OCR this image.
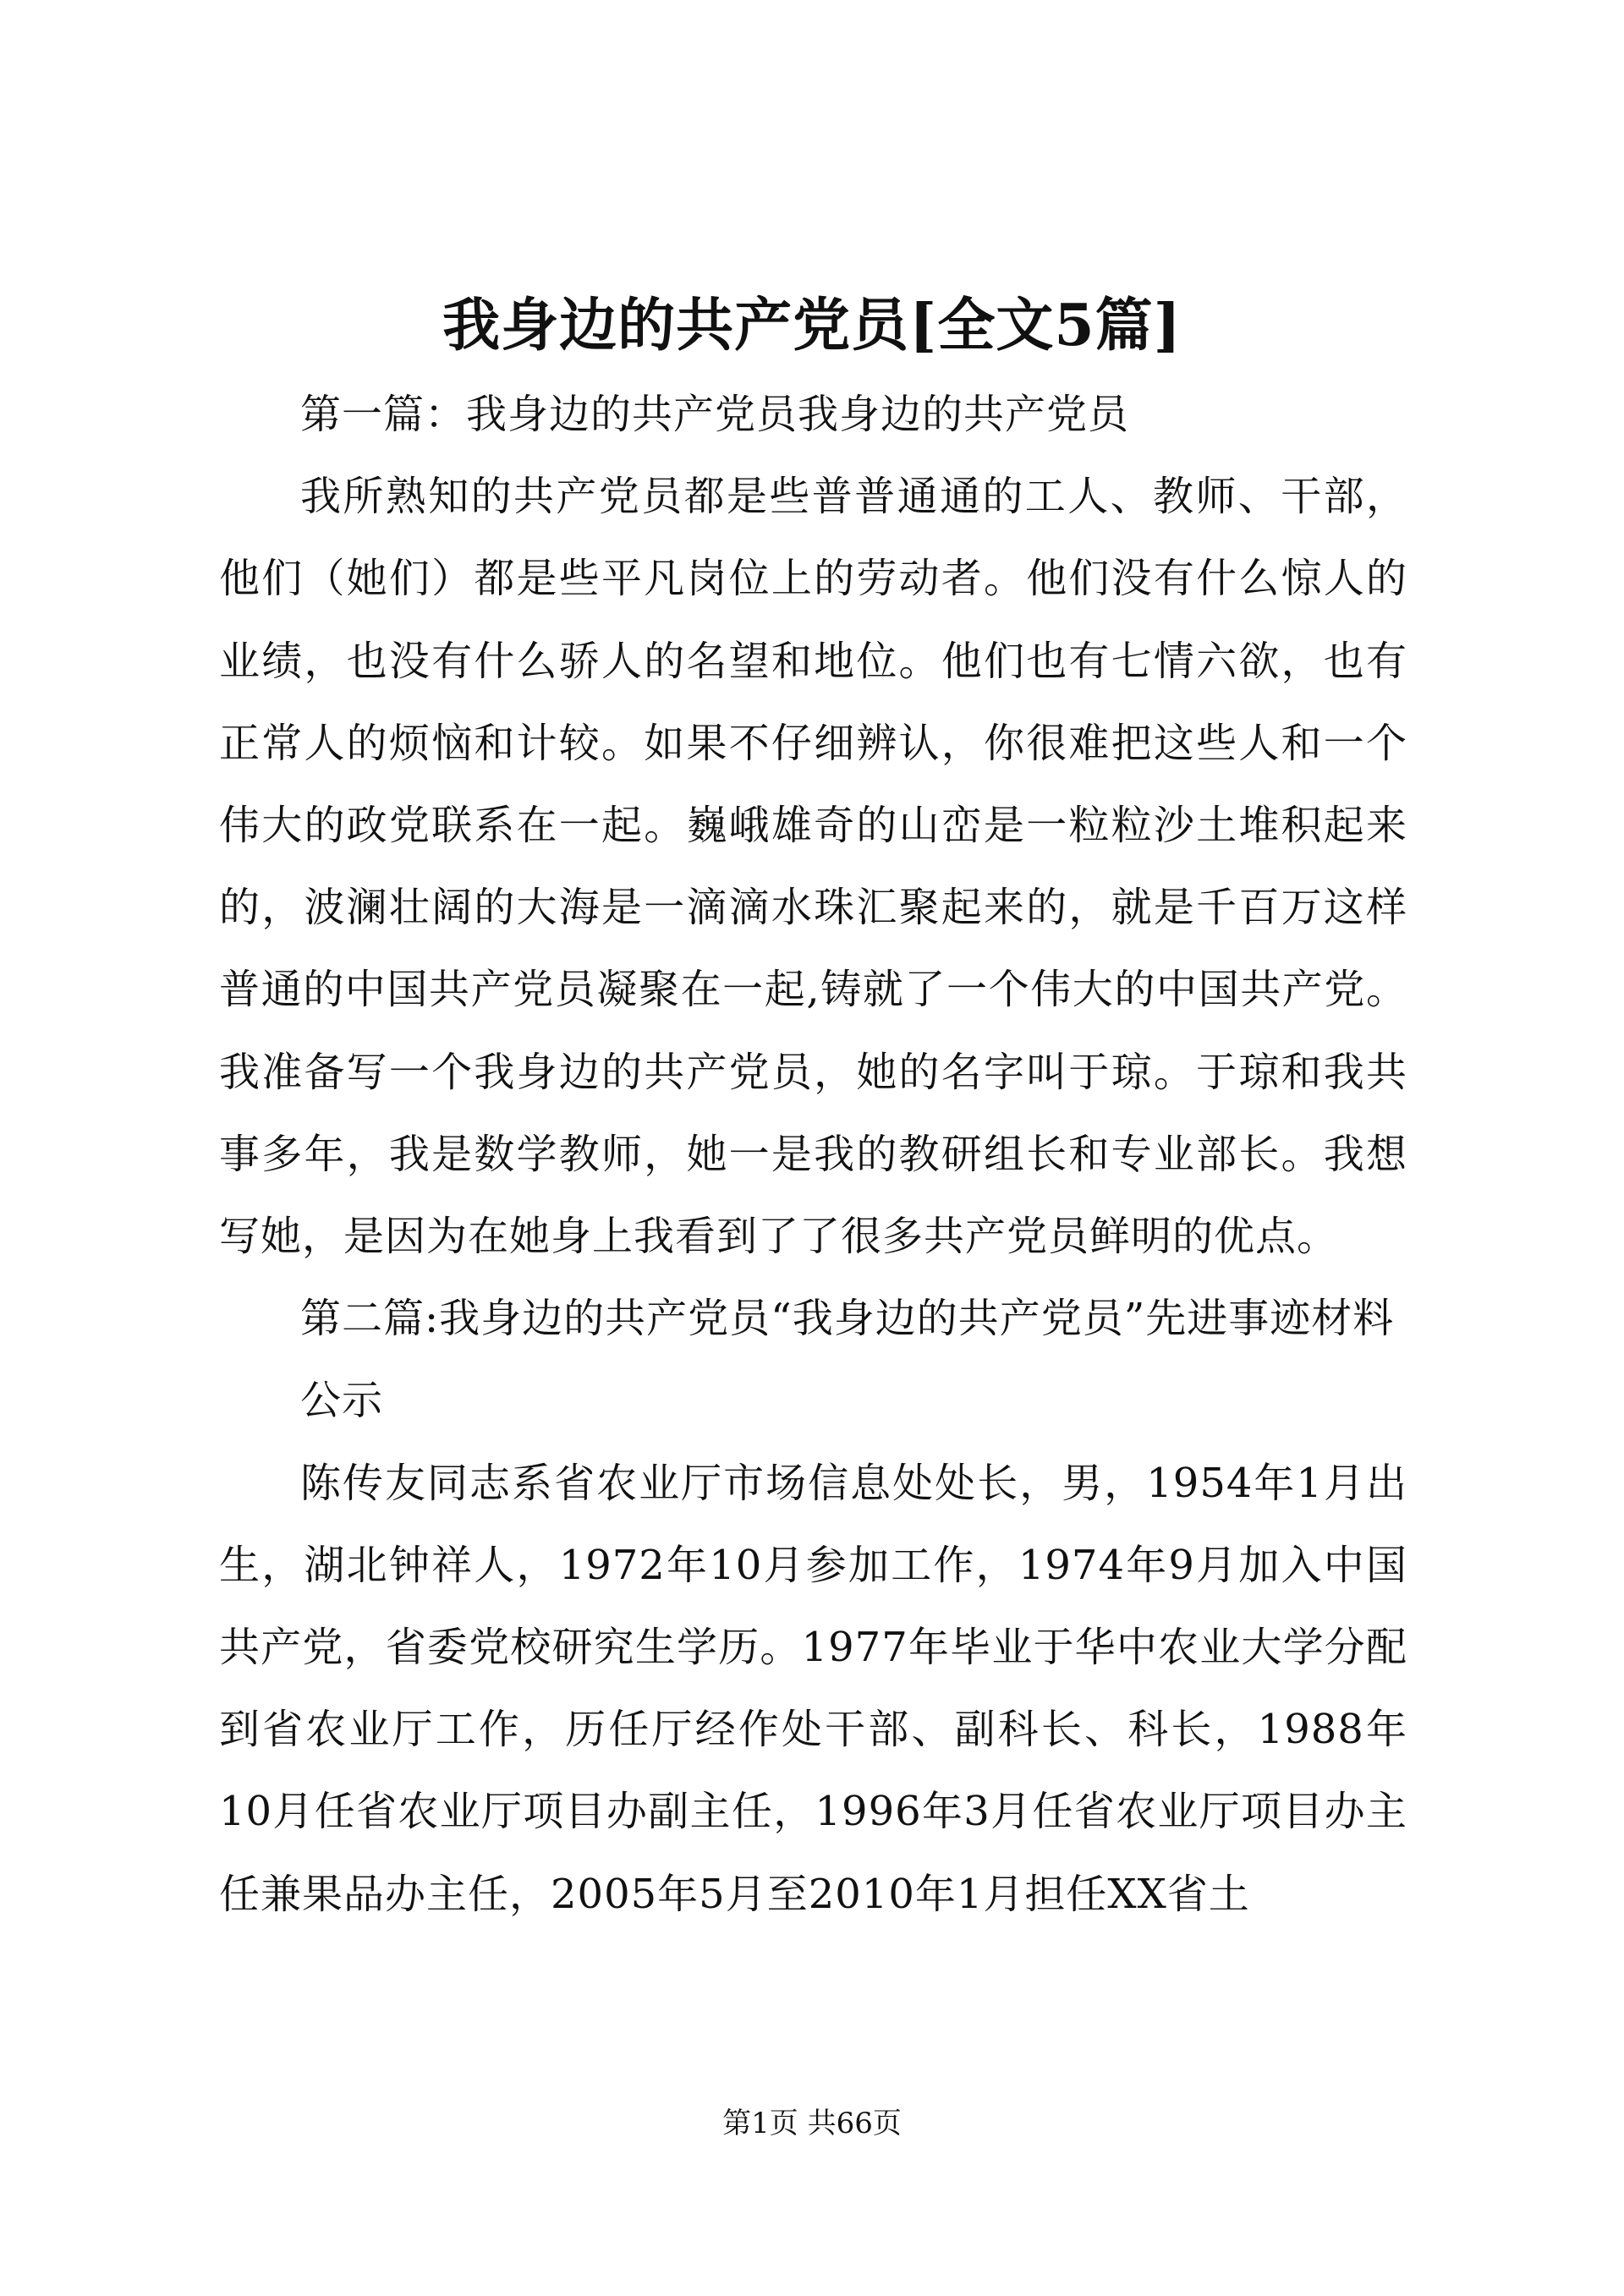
我身边的共产党员[全文5篇]

第一篇：我身边的共产党员我身边的共产党员

我所熟知的共产党员都是些普普通通的工人、教师、干部，他们（她们）都是些平凡岗位上的劳动者。他们没有什么惊人的业绩，也没有什么骄人的名望和地位。他们也有七情六欲，也有正常人的烦恼和计较。如果不仔细辨认，你很难把这些人和一个伟大的政党联系在一起。巍峨雄奇的山峦是一粒粒沙土堆积起来的，波澜壮阔的大海是一滴滴水珠汇聚起来的，就是千百万这样普通的中国共产党员凝聚在一起,铸就了一个伟大的中国共产党。我准备写一个我身边的共产党员，她的名字叫于琼。于琼和我共事多年，我是数学教师，她一是我的教研组长和专业部长。我想写她，是因为在她身上我看到了了很多共产党员鲜明的优点。

第二篇:我身边的共产党员“我身边的共产党员”先进事迹材料

公示

陈传友同志系省农业厅市场信息处处长，男，1954年1月出生，湖北钟祥人，1972年10月参加工作，1974年9月加入中国共产党，省委党校研究生学历。1977年毕业于华中农业大学分配到省农业厅工作，历任厅经作处干部、副科长、科长，1988年10月任省农业厅项目办副主任，1996年3月任省农业厅项目办主任兼果品办主任，2005年5月至2010年1月担任XX省土

第1页 共66页
